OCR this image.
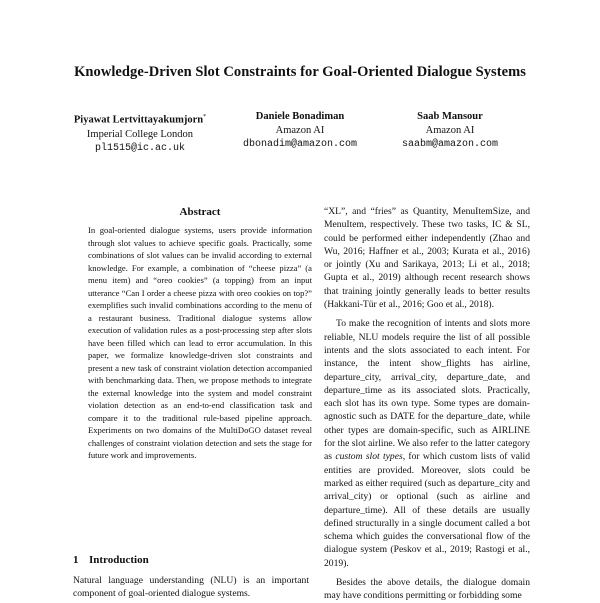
Knowledge-Driven Slot Constraints for Goal-Oriented Dialogue Systems
Piyawat Lertvittayakumjorn*
Imperial College London
pl1515@ic.ac.uk
Daniele Bonadiman
Amazon AI
dbonadim@amazon.com
Saab Mansour
Amazon AI
saabm@amazon.com
Abstract
In goal-oriented dialogue systems, users provide information through slot values to achieve specific goals. Practically, some combinations of slot values can be invalid according to external knowledge. For example, a combination of “cheese pizza” (a menu item) and “oreo cookies” (a topping) from an input utterance “Can I order a cheese pizza with oreo cookies on top?” exemplifies such invalid combinations according to the menu of a restaurant business. Traditional dialogue systems allow execution of validation rules as a post-processing step after slots have been filled which can lead to error accumulation. In this paper, we formalize knowledge-driven slot constraints and present a new task of constraint violation detection accompanied with benchmarking data. Then, we propose methods to integrate the external knowledge into the system and model constraint violation detection as an end-to-end classification task and compare it to the traditional rule-based pipeline approach. Experiments on two domains of the MultiDoGO dataset reveal challenges of constraint violation detection and sets the stage for future work and improvements.
1 Introduction
Natural language understanding (NLU) is an important component of goal-oriented dialogue systems.

“XL”, and “fries” as Quantity, MenuItemSize, and MenuItem, respectively. These two tasks, IC & SL, could be performed either independently (Zhao and Wu, 2016; Haffner et al., 2003; Kurata et al., 2016) or jointly (Xu and Sarikaya, 2013; Li et al., 2018; Gupta et al., 2019) although recent research shows that training jointly generally leads to better results (Hakkani-Tür et al., 2016; Goo et al., 2018).

To make the recognition of intents and slots more reliable, NLU models require the list of all possible intents and the slots associated to each intent. For instance, the intent show_flights has airline, departure_city, arrival_city, departure_date, and departure_time as its associated slots. Practically, each slot has its own type. Some types are domain-agnostic such as DATE for the departure_date, while other types are domain-specific, such as AIRLINE for the slot airline. We also refer to the latter category as custom slot types, for which custom lists of valid entities are provided. Moreover, slots could be marked as either required (such as departure_city and arrival_city) or optional (such as airline and departure_time). All of these details are usually defined structurally in a single document called a bot schema which guides the conversational flow of the dialogue system (Peskov et al., 2019; Rastogi et al., 2019).

Besides the above details, the dialogue domain may have conditions permitting or forbidding some
